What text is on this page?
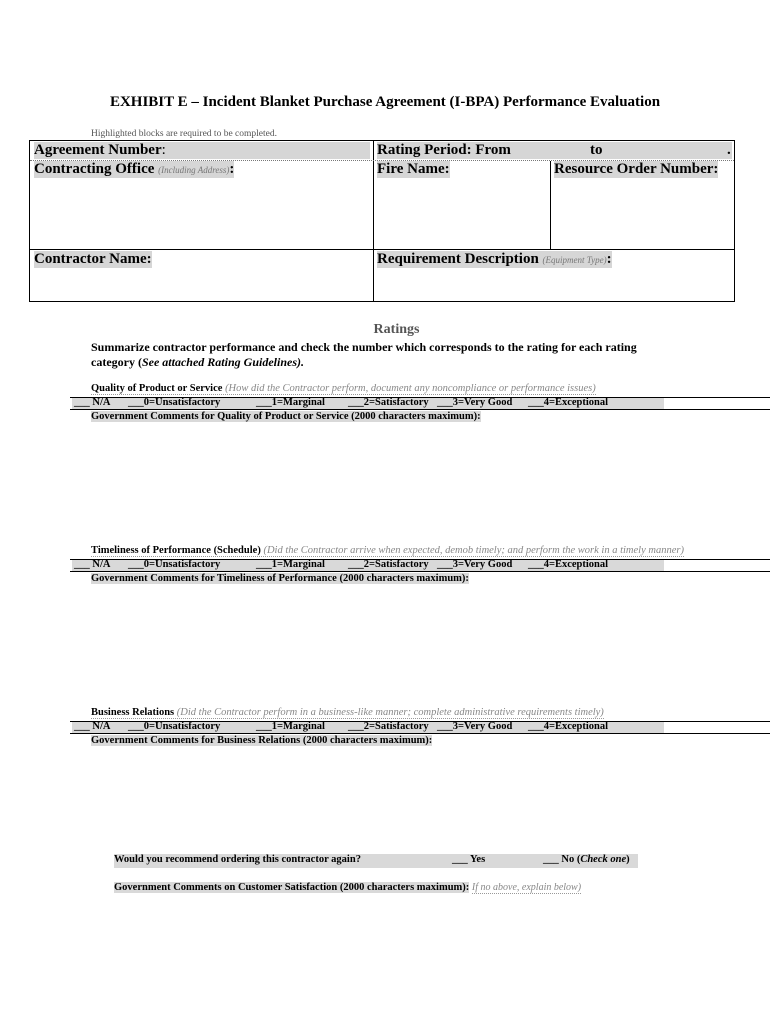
EXHIBIT E – Incident Blanket Purchase Agreement (I-BPA) Performance Evaluation
Highlighted blocks are required to be completed.
Agreement Number:	Rating Period: From	to	.
Contracting Office (Including Address):	Fire Name:	Resource Order Number:
Contractor Name:	Requirement Description (Equipment Type):
Ratings
Summarize contractor performance and check the number which corresponds to the rating for each rating
category (See attached Rating Guidelines).
Quality of Product or Service (How did the Contractor perform, document any noncompliance or performance issues)
___ N/A ___0=Unsatisfactory	___1=Marginal ___2=Satisfactory ___3=Very Good ___4=Exceptional
Government Comments for Quality of Product or Service (2000 characters maximum):
Timeliness of Performance (Schedule) (Did the Contractor arrive when expected, demob timely; and perform the work in a timely manner)
___ N/A ___0=Unsatisfactory	___1=Marginal ___2=Satisfactory ___3=Very Good ___4=Exceptional
Government Comments for Timeliness of Performance (2000 characters maximum):
Business Relations (Did the Contractor perform in a business-like manner; complete administrative requirements timely)
___ N/A ___0=Unsatisfactory	___1=Marginal ___2=Satisfactory ___3=Very Good ___4=Exceptional
Government Comments for Business Relations (2000 characters maximum):
Would you recommend ordering this contractor again?	___ Yes	___ No (Check one)
Government Comments on Customer Satisfaction (2000 characters maximum): If no above, explain below)
